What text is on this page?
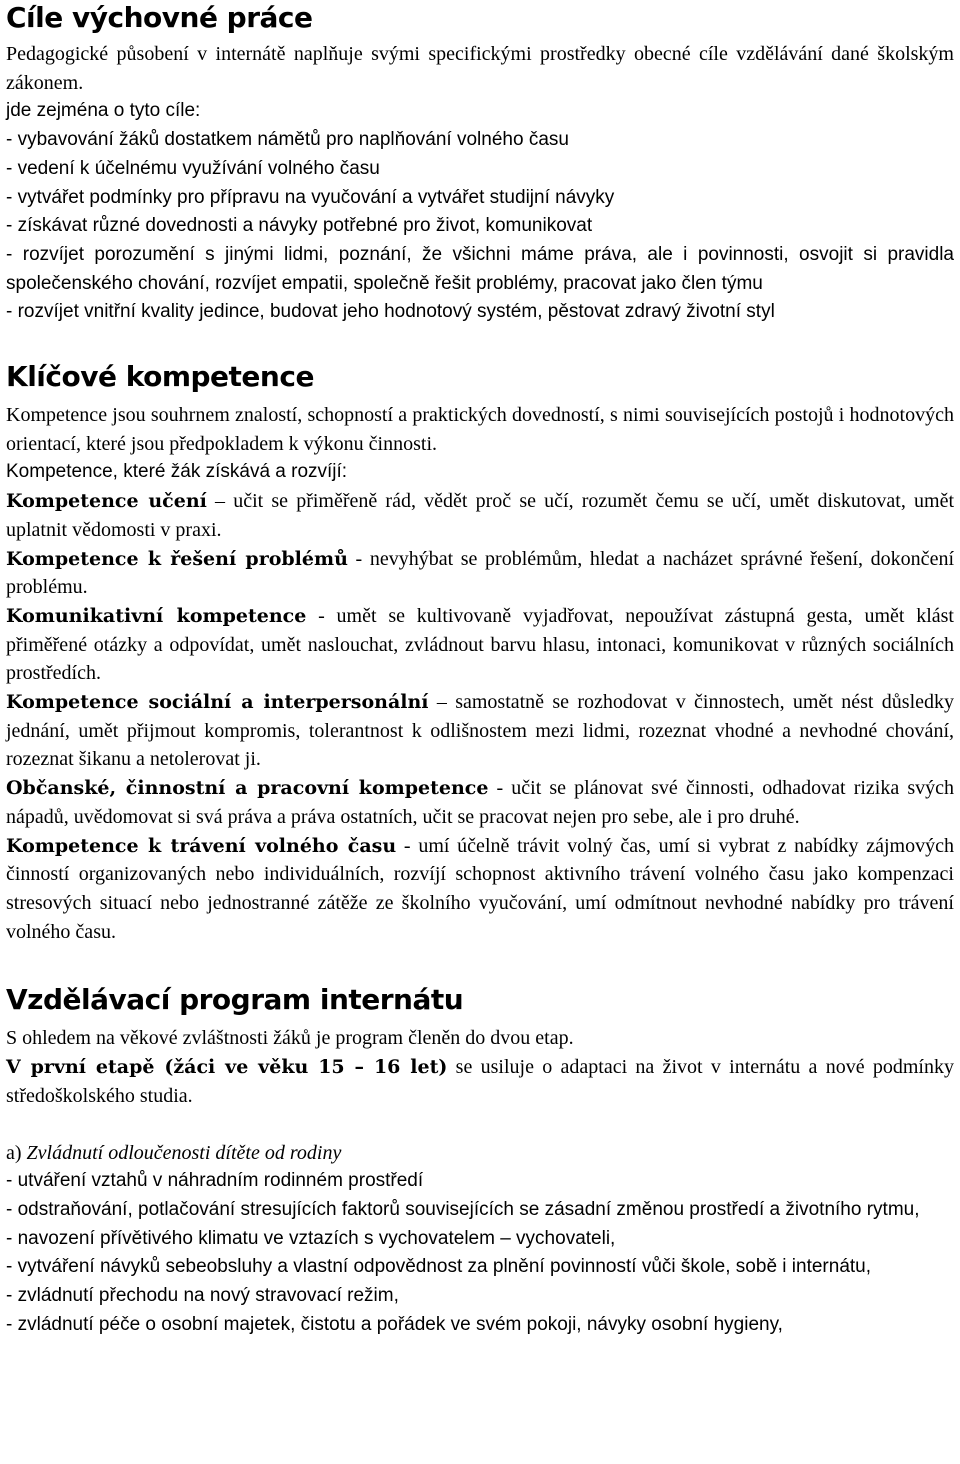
Cíle výchovné práce

Pedagogické působení v internátě naplňuje svými specifickými prostředky obecné cíle vzdělávání dané školským zákonem.

jde zejména o tyto cíle:

- vybavování žáků dostatkem námětů pro naplňování volného času

- vedení k účelnému využívání volného času

- vytvářet podmínky pro přípravu na vyučování a vytvářet studijní návyky

- získávat různé dovednosti a návyky potřebné pro život, komunikovat

- rozvíjet porozumění s jinými lidmi, poznání, že všichni máme práva, ale i povinnosti, osvojit si pravidla společenského chování, rozvíjet empatii, společně řešit problémy, pracovat jako člen týmu

- rozvíjet vnitřní kvality jedince, budovat jeho hodnotový systém, pěstovat zdravý životní styl

Klíčové kompetence

Kompetence jsou souhrnem znalostí, schopností a praktických dovedností, s nimi souvisejících postojů i hodnotových orientací, které jsou předpokladem k výkonu činnosti.

Kompetence, které žák získává a rozvíjí:

Kompetence učení – učit se přiměřeně rád, vědět proč se učí, rozumět čemu se učí, umět diskutovat, umět uplatnit vědomosti v praxi.

Kompetence k řešení problémů - nevyhýbat se problémům, hledat a nacházet správné řešení, dokončení problému.

Komunikativní kompetence - umět se kultivovaně vyjadřovat, nepoužívat zástupná gesta, umět klást přiměřené otázky a odpovídat, umět naslouchat, zvládnout barvu hlasu, intonaci, komunikovat v různých sociálních prostředích.

Kompetence sociální a interpersonální – samostatně se rozhodovat v činnostech, umět nést důsledky jednání, umět přijmout kompromis, tolerantnost k odlišnostem mezi lidmi, rozeznat vhodné a nevhodné chování, rozeznat šikanu a netolerovat ji.

Občanské, činnostní a pracovní kompetence - učit se plánovat své činnosti, odhadovat rizika svých nápadů, uvědomovat si svá práva a práva ostatních, učit se pracovat nejen pro sebe, ale i pro druhé.

Kompetence k trávení volného času - umí účelně trávit volný čas, umí si vybrat z nabídky zájmových činností organizovaných nebo individuálních, rozvíjí schopnost aktivního trávení volného času jako kompenzaci stresových situací nebo jednostranné zátěže ze školního vyučování, umí odmítnout nevhodné nabídky pro trávení volného času.

Vzdělávací program internátu

S ohledem na věkové zvláštnosti žáků je program členěn do dvou etap.

V první etapě (žáci ve věku 15 – 16 let) se usiluje o adaptaci na život v internátu a nové podmínky středoškolského studia.

a) Zvládnutí odloučenosti dítěte od rodiny

- utváření vztahů v náhradním rodinném prostředí

- odstraňování, potlačování stresujících faktorů souvisejících se zásadní změnou prostředí a životního rytmu,

- navození přívětivého klimatu ve vztazích s vychovatelem – vychovateli,

- vytváření návyků sebeobsluhy a vlastní odpovědnost za plnění povinností vůči škole, sobě i internátu,

- zvládnutí přechodu na nový stravovací režim,

- zvládnutí péče o osobní majetek, čistotu a pořádek ve svém pokoji, návyky osobní hygieny,
